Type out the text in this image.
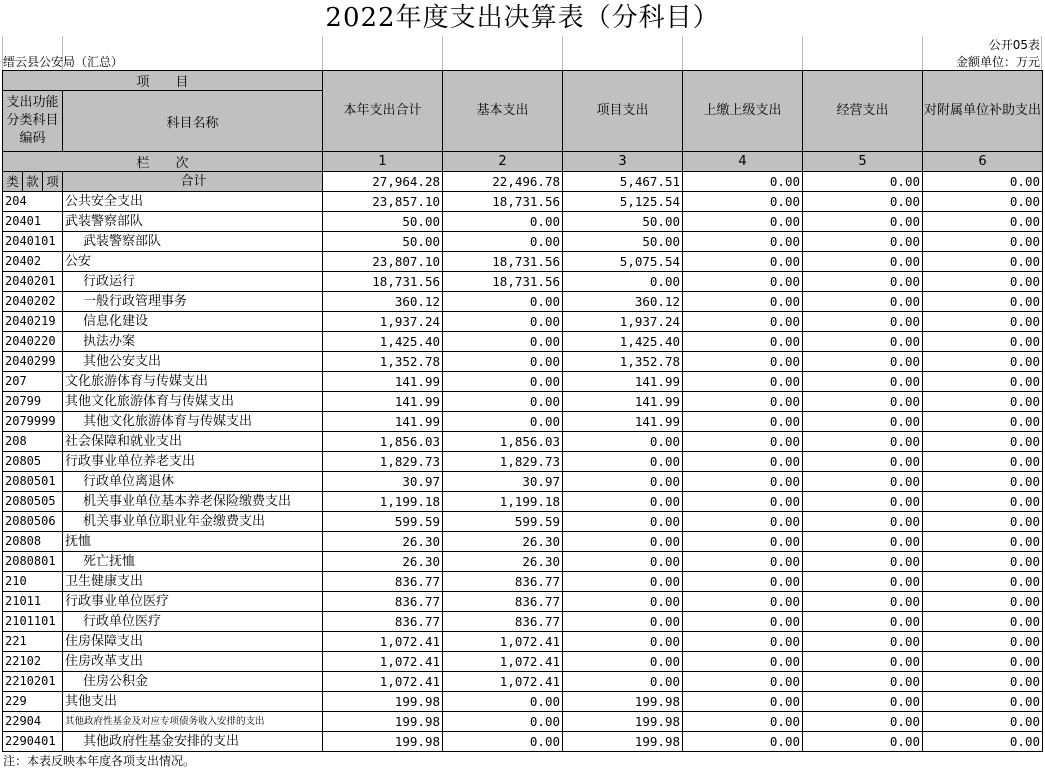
2022年度支出决算表（分科目）
公开05表
缙云县公安局（汇总）	金额单位：万元
项　　目				本年支出合计	基本支出	项目支出	上缴上级支出	经营支出	对附属单位补助支出
支出功能分类科目编码			科目名称						

栏　　次				1	2	3	4	5	6
类	款	项	合计	27,964.28	22,496.78	5,467.51	0.00	0.00	0.00
204			公共安全支出	23,857.10	18,731.56	5,125.54	0.00	0.00	0.00
20401			武装警察部队	50.00	0.00	50.00	0.00	0.00	0.00
2040101			武装警察部队	50.00	0.00	50.00	0.00	0.00	0.00
20402			公安	23,807.10	18,731.56	5,075.54	0.00	0.00	0.00
2040201			行政运行	18,731.56	18,731.56	0.00	0.00	0.00	0.00
2040202			一般行政管理事务	360.12	0.00	360.12	0.00	0.00	0.00
2040219			信息化建设	1,937.24	0.00	1,937.24	0.00	0.00	0.00
2040220			执法办案	1,425.40	0.00	1,425.40	0.00	0.00	0.00
2040299			其他公安支出	1,352.78	0.00	1,352.78	0.00	0.00	0.00
207			文化旅游体育与传媒支出	141.99	0.00	141.99	0.00	0.00	0.00
20799			其他文化旅游体育与传媒支出	141.99	0.00	141.99	0.00	0.00	0.00
2079999			其他文化旅游体育与传媒支出	141.99	0.00	141.99	0.00	0.00	0.00
208			社会保障和就业支出	1,856.03	1,856.03	0.00	0.00	0.00	0.00
20805			行政事业单位养老支出	1,829.73	1,829.73	0.00	0.00	0.00	0.00
2080501			行政单位离退休	30.97	30.97	0.00	0.00	0.00	0.00
2080505			机关事业单位基本养老保险缴费支出	1,199.18	1,199.18	0.00	0.00	0.00	0.00
2080506			机关事业单位职业年金缴费支出	599.59	599.59	0.00	0.00	0.00	0.00
20808			抚恤	26.30	26.30	0.00	0.00	0.00	0.00
2080801			死亡抚恤	26.30	26.30	0.00	0.00	0.00	0.00
210			卫生健康支出	836.77	836.77	0.00	0.00	0.00	0.00
21011			行政事业单位医疗	836.77	836.77	0.00	0.00	0.00	0.00
2101101			行政单位医疗	836.77	836.77	0.00	0.00	0.00	0.00
221			住房保障支出	1,072.41	1,072.41	0.00	0.00	0.00	0.00
22102			住房改革支出	1,072.41	1,072.41	0.00	0.00	0.00	0.00
2210201			住房公积金	1,072.41	1,072.41	0.00	0.00	0.00	0.00
229			其他支出	199.98	0.00	199.98	0.00	0.00	0.00
22904			其他政府性基金及对应专项债务收入安排的支出	199.98	0.00	199.98	0.00	0.00	0.00
2290401			其他政府性基金安排的支出	199.98	0.00	199.98	0.00	0.00	0.00
注：本表反映本年度各项支出情况。
